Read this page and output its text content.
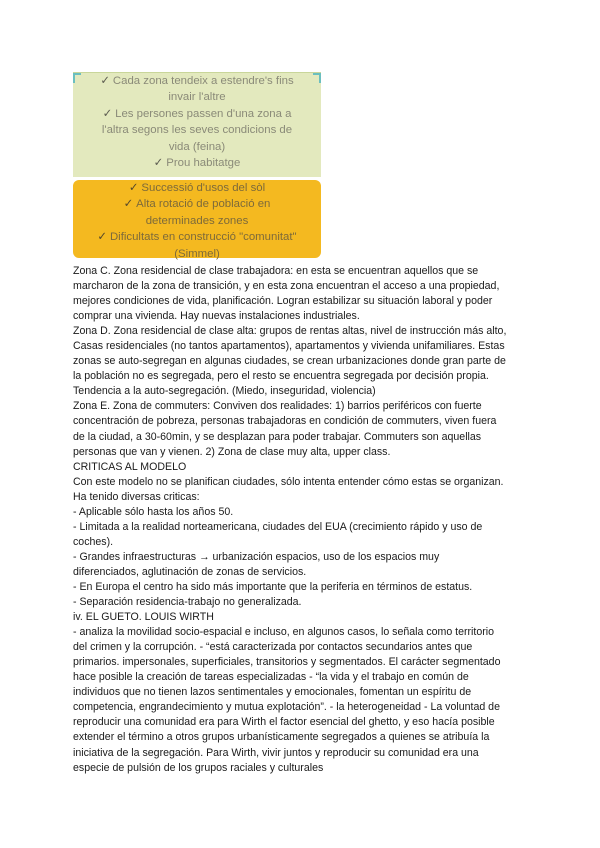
✓ Cada zona tendeix a estendre's fins
invair l'altre
✓ Les persones passen d'una zona a
l'altra segons les seves condicions de
vida (feina)
✓ Prou habitatge
✓ Successió d'usos del sòl
✓ Alta rotació de població en
determinades zones
✓ Dificultats en construcció "comunitat"
(Simmel)
Zona C. Zona residencial de clase trabajadora: en esta se encuentran aquellos que se
marcharon de la zona de transición, y en esta zona encuentran el acceso a una propiedad,
mejores condiciones de vida, planificación. Logran estabilizar su situación laboral y poder
comprar una vivienda. Hay nuevas instalaciones industriales.
Zona D. Zona residencial de clase alta: grupos de rentas altas, nivel de instrucción más alto,
Casas residenciales (no tantos apartamentos), apartamentos y vivienda unifamiliares. Estas
zonas se auto-segregan en algunas ciudades, se crean urbanizaciones donde gran parte de
la población no es segregada, pero el resto se encuentra segregada por decisión propia.
Tendencia a la auto-segregación. (Miedo, inseguridad, violencia)
Zona E. Zona de commuters: Conviven dos realidades: 1) barrios periféricos con fuerte
concentración de pobreza, personas trabajadoras en condición de commuters, viven fuera
de la ciudad, a 30-60min, y se desplazan para poder trabajar. Commuters son aquellas
personas que van y vienen. 2) Zona de clase muy alta, upper class.
CRITICAS AL MODELO
Con este modelo no se planifican ciudades, sólo intenta entender cómo estas se organizan.
Ha tenido diversas criticas:
- Aplicable sólo hasta los años 50.
- Limitada a la realidad norteamericana, ciudades del EUA (crecimiento rápido y uso de
coches).
- Grandes infraestructuras → urbanización espacios, uso de los espacios muy
diferenciados, aglutinación de zonas de servicios.
- En Europa el centro ha sido más importante que la periferia en términos de estatus.
- Separación residencia-trabajo no generalizada.
iv. EL GUETO. LOUIS WIRTH
- analiza la movilidad socio-espacial e incluso, en algunos casos, lo señala como territorio
del crimen y la corrupción. - “está caracterizada por contactos secundarios antes que
primarios. impersonales, superficiales, transitorios y segmentados. El carácter segmentado
hace posible la creación de tareas especializadas - “la vida y el trabajo en común de
individuos que no tienen lazos sentimentales y emocionales, fomentan un espíritu de
competencia, engrandecimiento y mutua explotación”. - la heterogeneidad - La voluntad de
reproducir una comunidad era para Wirth el factor esencial del ghetto, y eso hacía posible
extender el término a otros grupos urbanísticamente segregados a quienes se atribuía la
iniciativa de la segregación. Para Wirth, vivir juntos y reproducir su comunidad era una
especie de pulsión de los grupos raciales y culturales
